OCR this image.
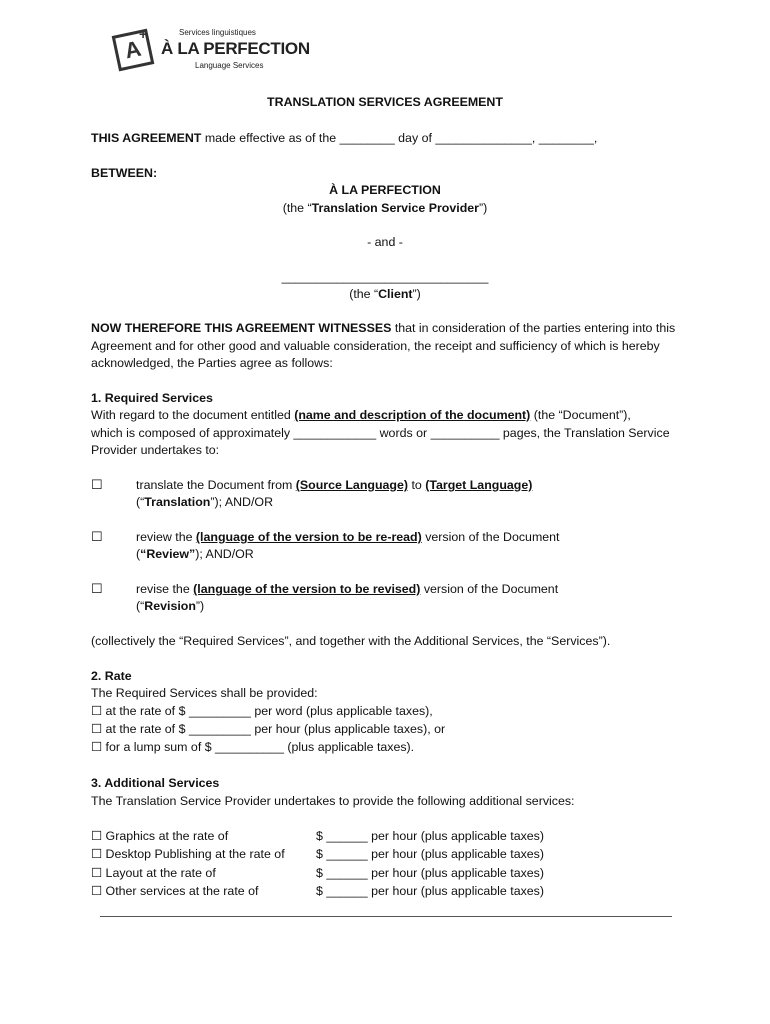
A
+	Services linguistiques
À LA PERFECTION
Language Services
TRANSLATION SERVICES AGREEMENT
THIS AGREEMENT made effective as of the ________ day of ______________, ________,
BETWEEN:
À LA PERFECTION
(the “Translation Service Provider”)
- and -
______________________________
(the “Client”)
NOW THEREFORE THIS AGREEMENT WITNESSES that in consideration of the parties entering into this
Agreement and for other good and valuable consideration, the receipt and sufficiency of which is hereby
acknowledged, the Parties agree as follows:
1. Required Services
With regard to the document entitled (name and description of the document) (the “Document”),
which is composed of approximately ____________ words or __________ pages, the Translation Service
Provider undertakes to:
☐	translate the Document from (Source Language) to (Target Language)
(“Translation”); AND/OR
☐	review the (language of the version to be re-read) version of the Document
(“Review”); AND/OR
☐	revise the (language of the version to be revised) version of the Document
(“Revision”)
(collectively the “Required Services”, and together with the Additional Services, the “Services”).
2. Rate
The Required Services shall be provided:
☐ at the rate of $ _________ per word (plus applicable taxes),
☐ at the rate of $ _________ per hour (plus applicable taxes), or
☐ for a lump sum of $ __________ (plus applicable taxes).
3. Additional Services
The Translation Service Provider undertakes to provide the following additional services:
☐ Graphics at the rate of	$ ______ per hour (plus applicable taxes)
☐ Desktop Publishing at the rate of	$ ______ per hour (plus applicable taxes)
☐ Layout at the rate of	$ ______ per hour (plus applicable taxes)
☐ Other services at the rate of	$ ______ per hour (plus applicable taxes)
